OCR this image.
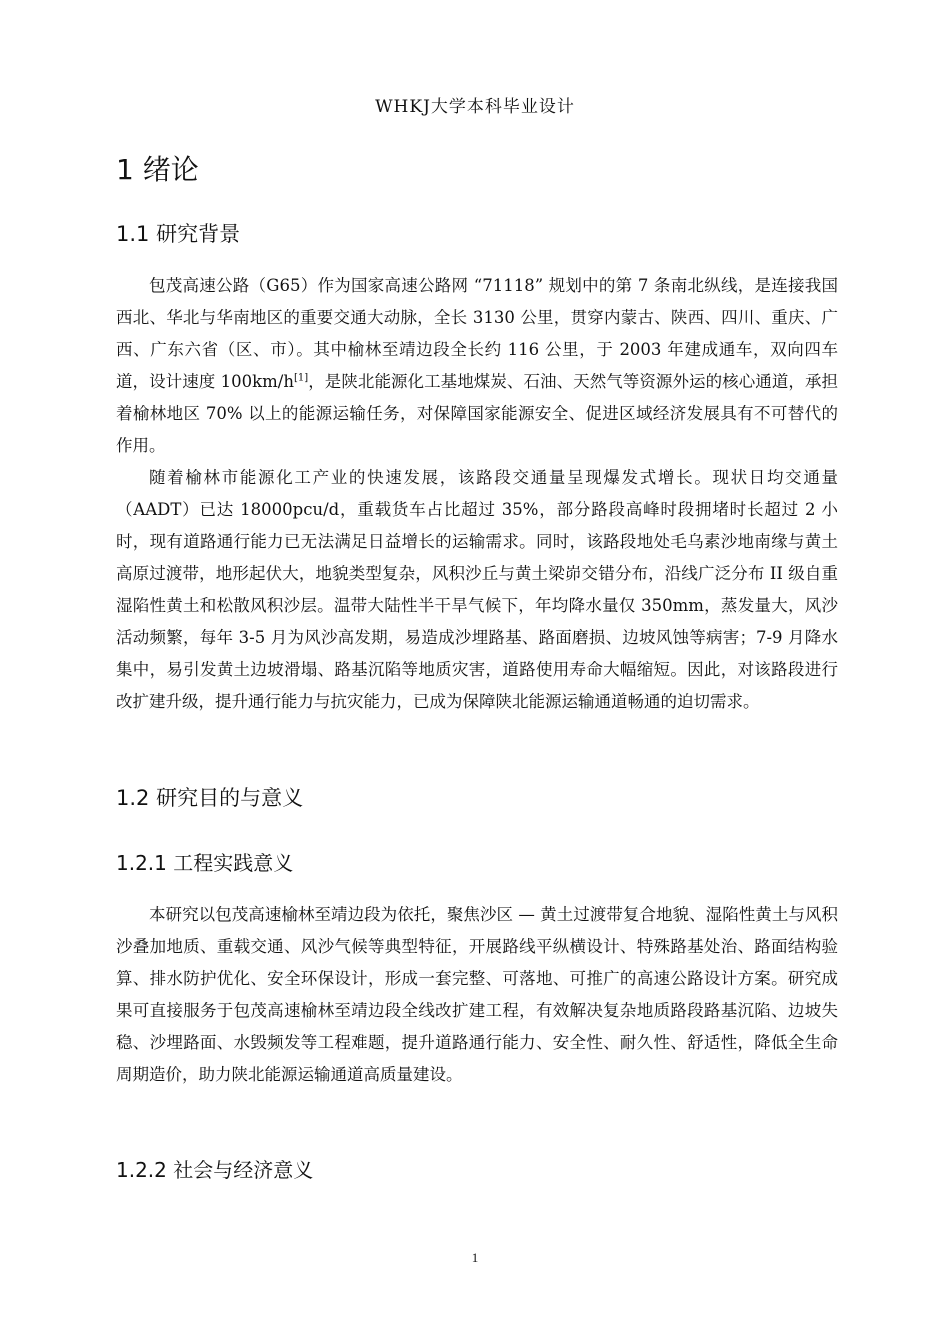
WHKJ大学本科毕业设计
1 绪论
1.1 研究背景
包茂高速公路（G65）作为国家高速公路网 “71118” 规划中的第 7 条南北纵线，是连接我国西北、华北与华南地区的重要交通大动脉，全长 3130 公里，贯穿内蒙古、陕西、四川、重庆、广西、广东六省（区、市）。其中榆林至靖边段全长约 116 公里，于 2003 年建成通车，双向四车道，设计速度 100km/h[1]，是陕北能源化工基地煤炭、石油、天然气等资源外运的核心通道，承担着榆林地区 70% 以上的能源运输任务，对保障国家能源安全、促进区域经济发展具有不可替代的作用。
随着榆林市能源化工产业的快速发展，该路段交通量呈现爆发式增长。现状日均交通量（AADT）已达 18000pcu/d，重载货车占比超过 35%，部分路段高峰时段拥堵时长超过 2 小时，现有道路通行能力已无法满足日益增长的运输需求。同时，该路段地处毛乌素沙地南缘与黄土高原过渡带，地形起伏大，地貌类型复杂，风积沙丘与黄土梁峁交错分布，沿线广泛分布 II 级自重湿陷性黄土和松散风积沙层。温带大陆性半干旱气候下，年均降水量仅 350mm，蒸发量大，风沙活动频繁，每年 3-5 月为风沙高发期，易造成沙埋路基、路面磨损、边坡风蚀等病害；7-9 月降水集中，易引发黄土边坡滑塌、路基沉陷等地质灾害，道路使用寿命大幅缩短。因此，对该路段进行改扩建升级，提升通行能力与抗灾能力，已成为保障陕北能源运输通道畅通的迫切需求。
1.2 研究目的与意义
1.2.1 工程实践意义
本研究以包茂高速榆林至靖边段为依托，聚焦沙区 — 黄土过渡带复合地貌、湿陷性黄土与风积沙叠加地质、重载交通、风沙气候等典型特征，开展路线平纵横设计、特殊路基处治、路面结构验算、排水防护优化、安全环保设计，形成一套完整、可落地、可推广的高速公路设计方案。研究成果可直接服务于包茂高速榆林至靖边段全线改扩建工程，有效解决复杂地质路段路基沉陷、边坡失稳、沙埋路面、水毁频发等工程难题，提升道路通行能力、安全性、耐久性、舒适性，降低全生命周期造价，助力陕北能源运输通道高质量建设。
1.2.2 社会与经济意义
1
